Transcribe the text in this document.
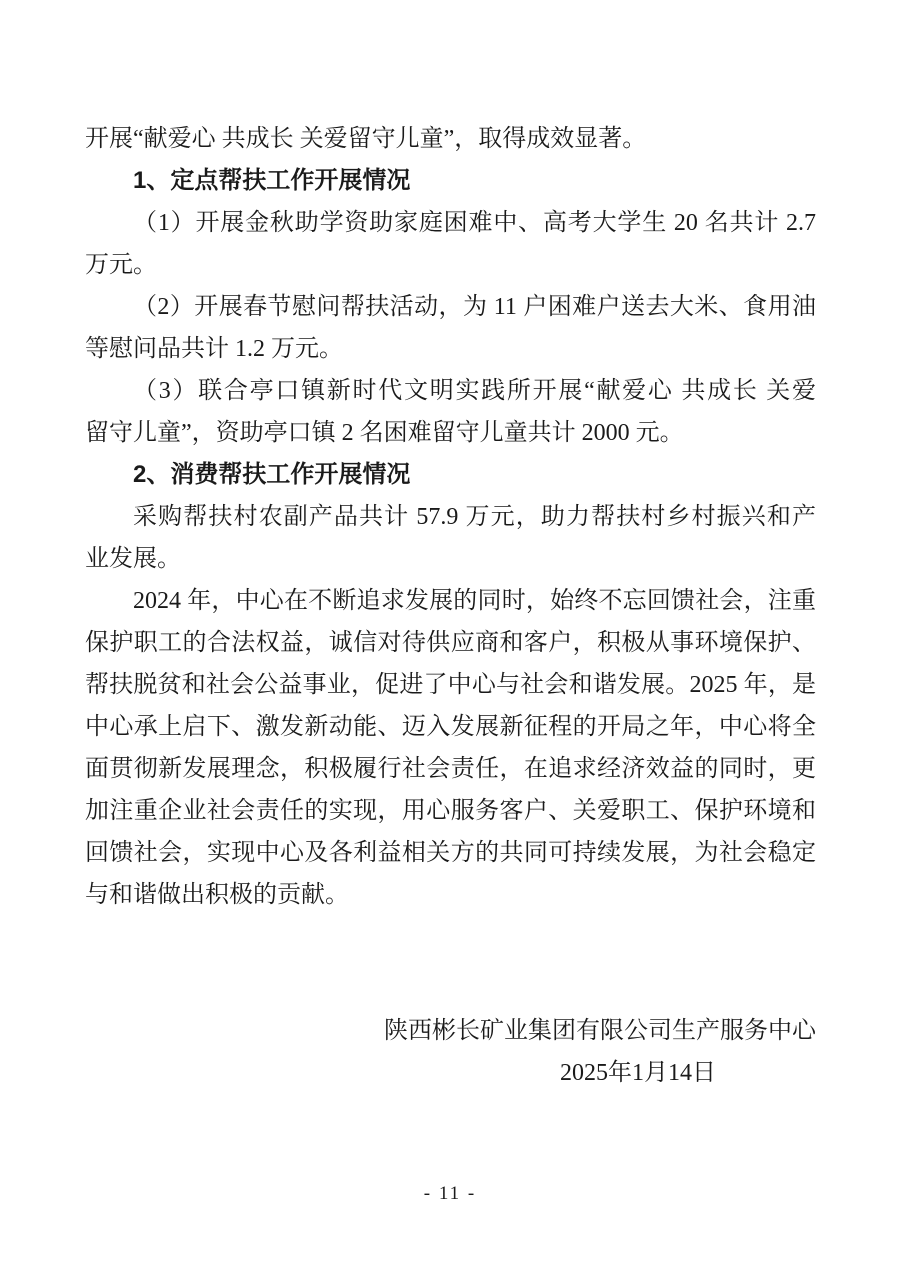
开展“献爱心 共成长 关爱留守儿童”，取得成效显著。
1、定点帮扶工作开展情况
（1）开展金秋助学资助家庭困难中、高考大学生 20 名共计 2.7
万元。
（2）开展春节慰问帮扶活动，为 11 户困难户送去大米、食用油
等慰问品共计 1.2 万元。
（3）联合亭口镇新时代文明实践所开展“献爱心 共成长 关爱
留守儿童”，资助亭口镇 2 名困难留守儿童共计 2000 元。
2、消费帮扶工作开展情况
采购帮扶村农副产品共计 57.9 万元，助力帮扶村乡村振兴和产
业发展。
2024 年，中心在不断追求发展的同时，始终不忘回馈社会，注重
保护职工的合法权益，诚信对待供应商和客户，积极从事环境保护、
帮扶脱贫和社会公益事业，促进了中心与社会和谐发展。2025 年，是
中心承上启下、激发新动能、迈入发展新征程的开局之年，中心将全
面贯彻新发展理念，积极履行社会责任，在追求经济效益的同时，更
加注重企业社会责任的实现，用心服务客户、关爱职工、保护环境和
回馈社会，实现中心及各利益相关方的共同可持续发展，为社会稳定
与和谐做出积极的贡献。
陕西彬长矿业集团有限公司生产服务中心
2025年1月14日
- 11 -
